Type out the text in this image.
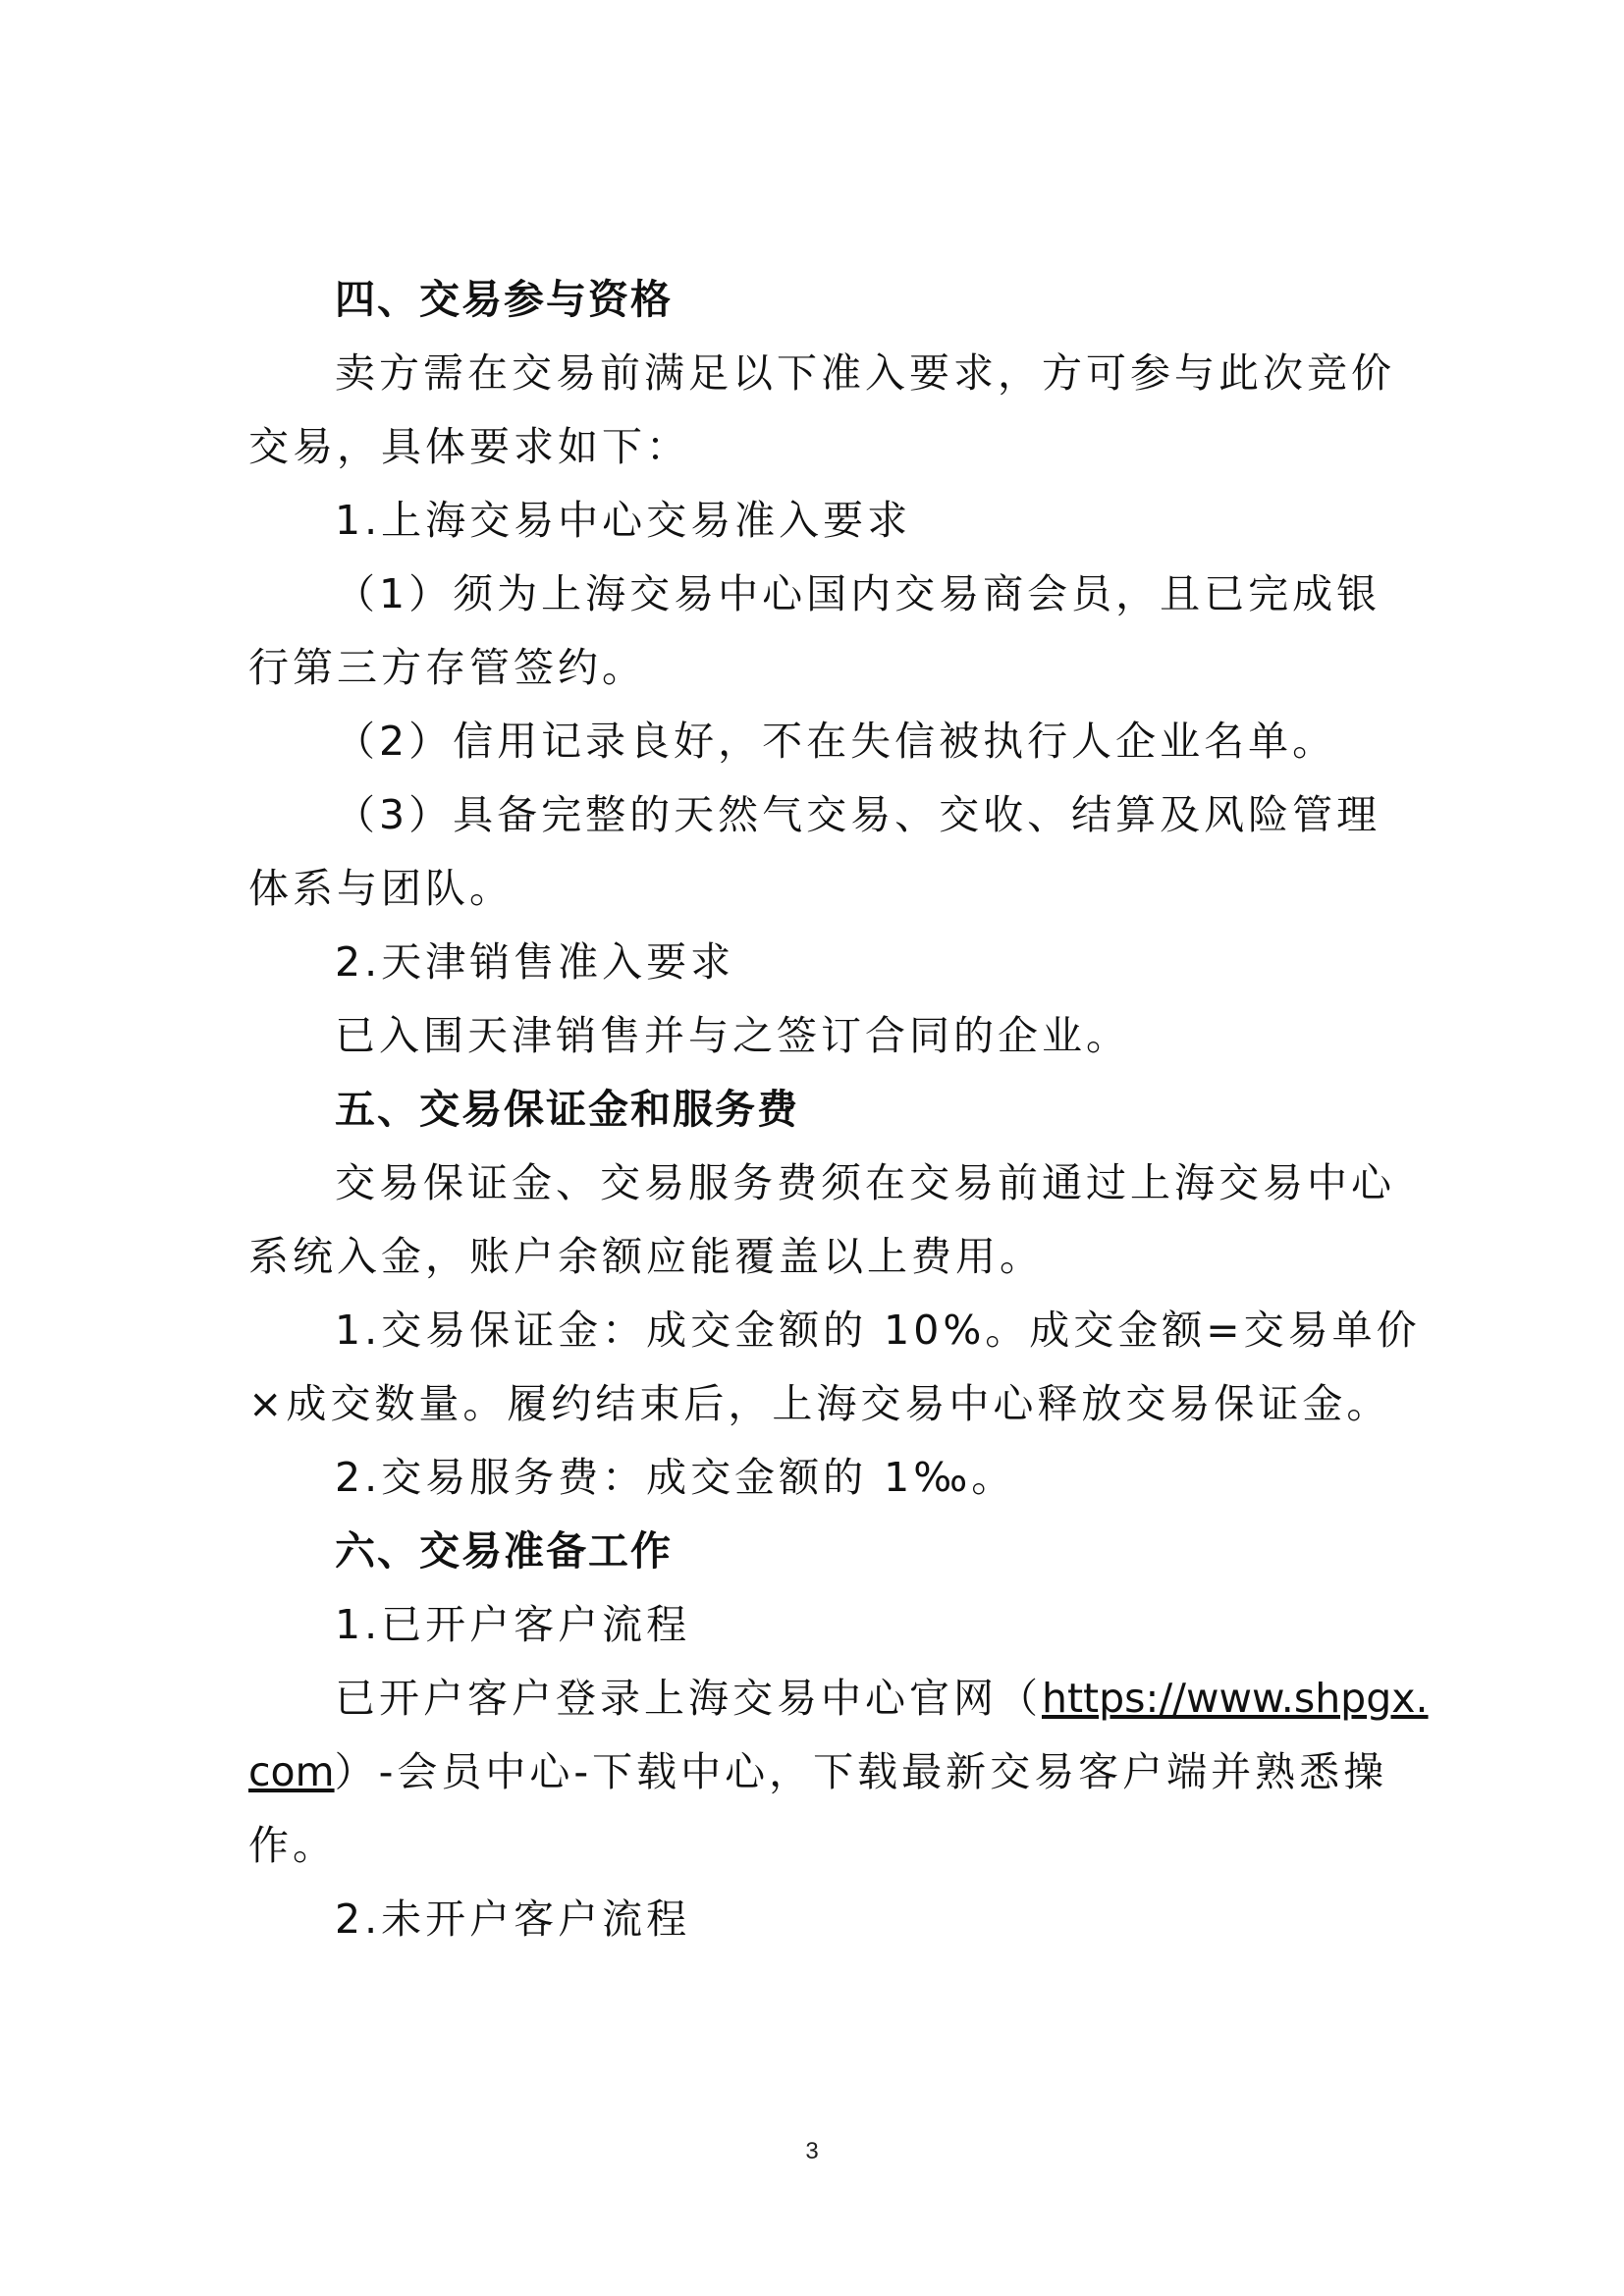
四、交易参与资格
卖方需在交易前满足以下准入要求，方可参与此次竞价
交易，具体要求如下：
1.上海交易中心交易准入要求
（1）须为上海交易中心国内交易商会员，且已完成银
行第三方存管签约。
（2）信用记录良好，不在失信被执行人企业名单。
（3）具备完整的天然气交易、交收、结算及风险管理
体系与团队。
2.天津销售准入要求
已入围天津销售并与之签订合同的企业。
五、交易保证金和服务费
交易保证金、交易服务费须在交易前通过上海交易中心
系统入金，账户余额应能覆盖以上费用。
1.交易保证金：成交金额的 10%。成交金额=交易单价
×成交数量。履约结束后，上海交易中心释放交易保证金。
2.交易服务费：成交金额的 1‰。
六、交易准备工作
1.已开户客户流程
已开户客户登录上海交易中心官网（https://www.shpgx.
com）-会员中心-下载中心，下载最新交易客户端并熟悉操
作。
2.未开户客户流程
3
